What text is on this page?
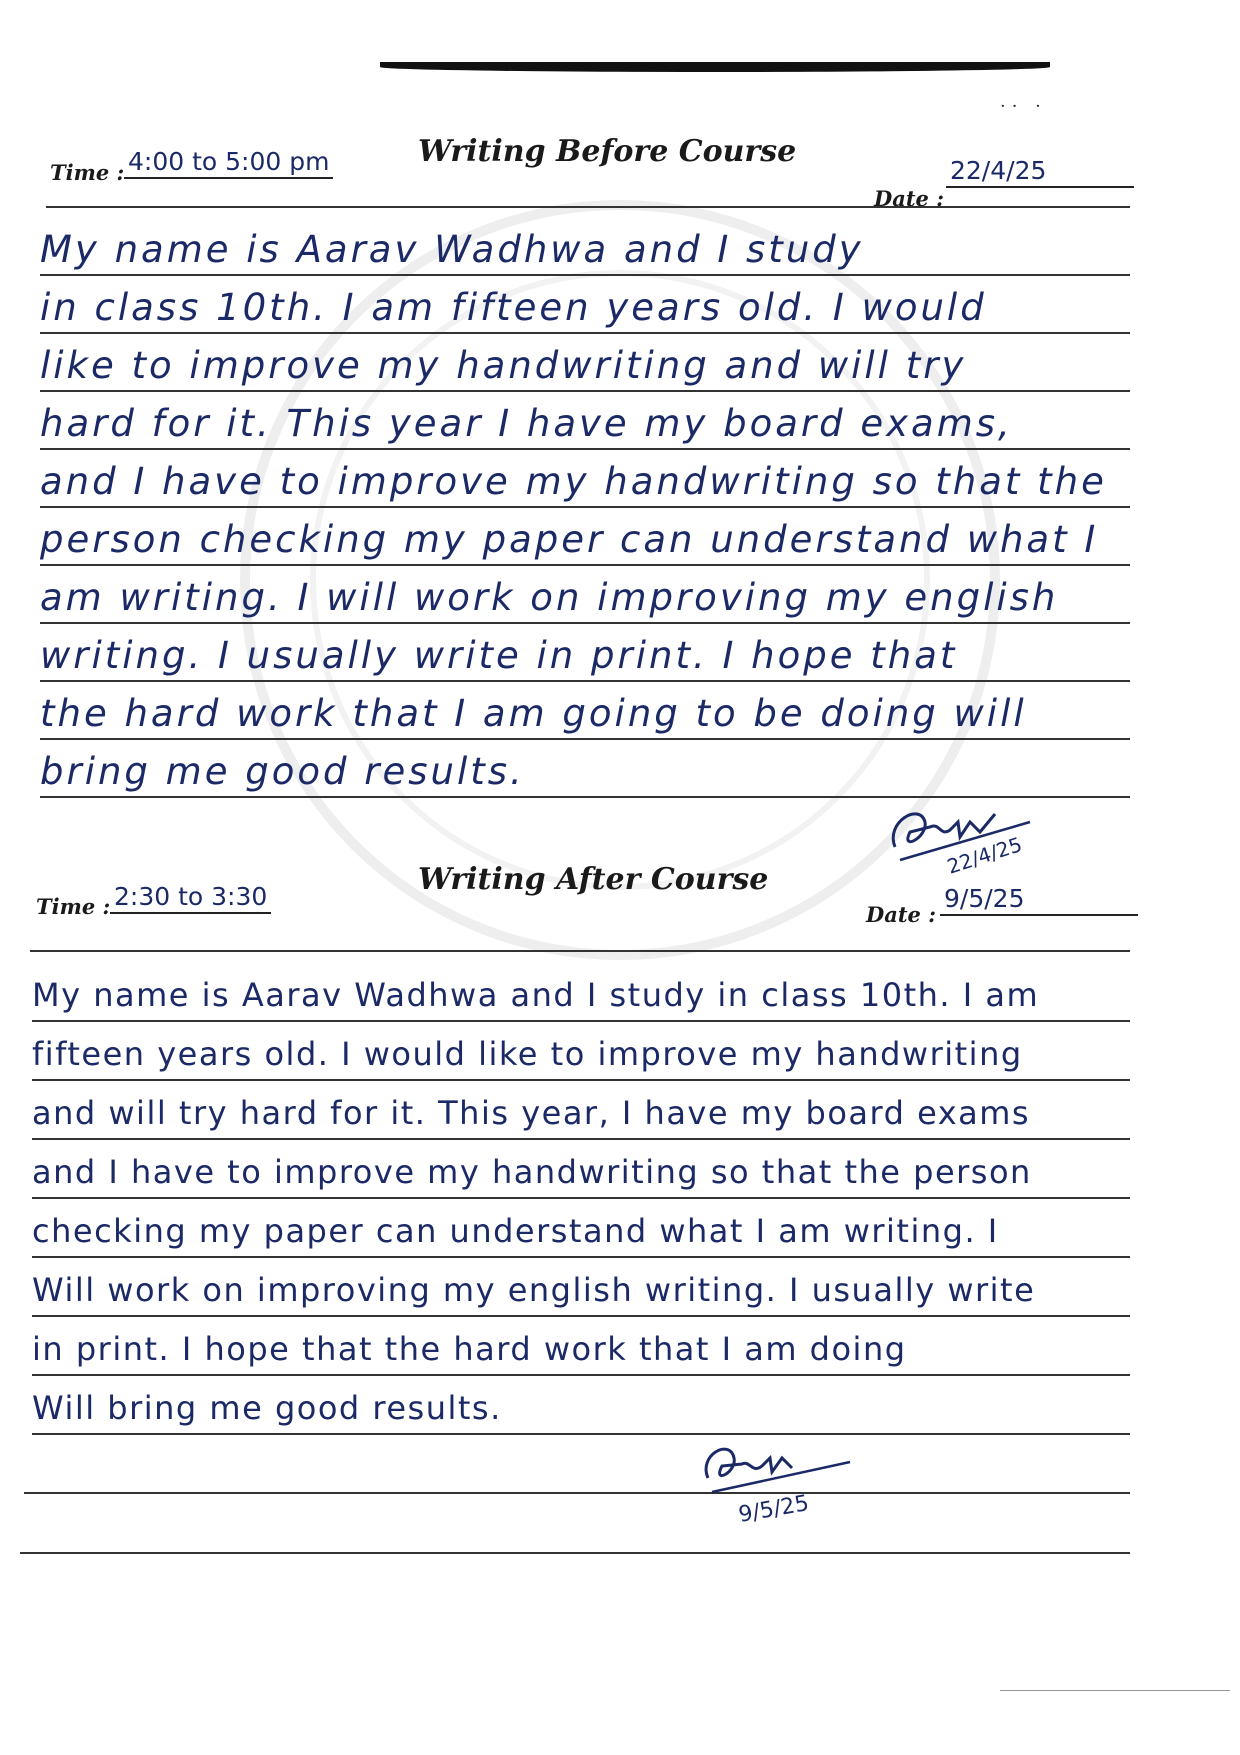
·· ·
Time : 4:00 to 5:00 pm	Writing Before Course
Date :
22/4/25
My name is Aarav Wadhwa and I study
in class 10th. I am fifteen years old. I would
like to improve my handwriting and will try
hard for it. This year I have my board exams,
and I have to improve my handwriting so that the
person checking my paper can understand what I
am writing. I will work on improving my english
writing. I usually write in print. I hope that
the hard work that I am going to be doing will
bring me good results.
22/4/25
Writing After Course
Time : 2:30 to 3:30
Date :
9/5/25
My name is Aarav Wadhwa and I study in class 10th. I am
fifteen years old. I would like to improve my handwriting
and will try hard for it. This year, I have my board exams
and I have to improve my handwriting so that the person
checking my paper can understand what I am writing. I
Will work on improving my english writing. I usually write
in print. I hope that the hard work that I am doing
Will bring me good results.
9/5/25
